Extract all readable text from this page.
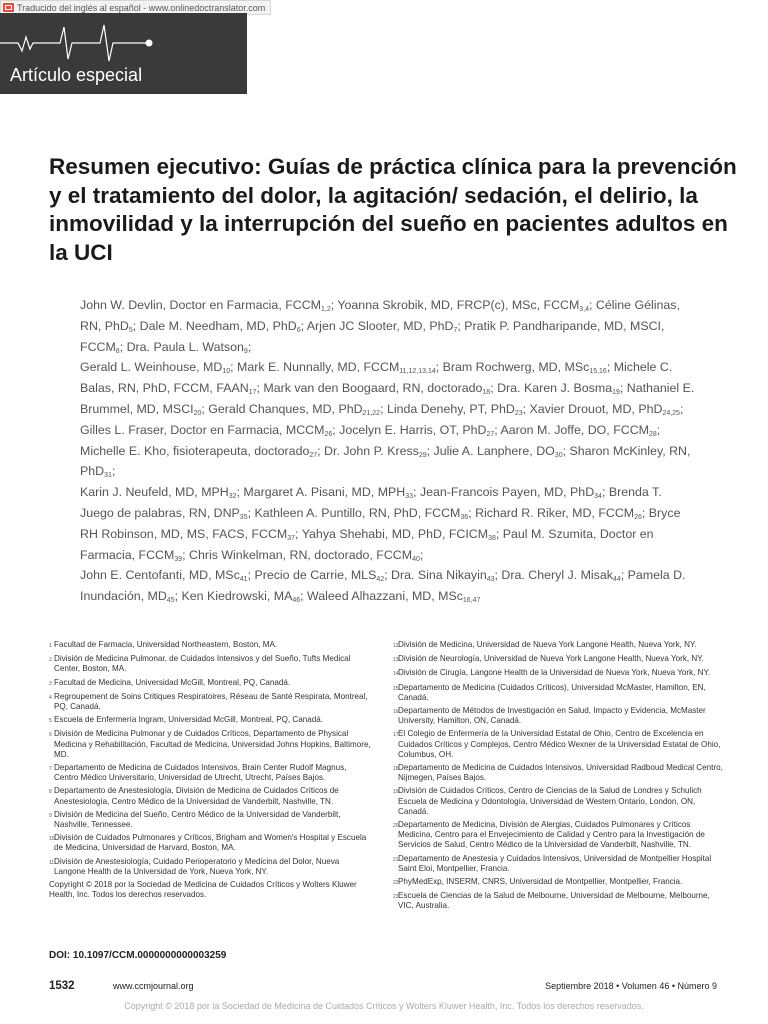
Traducido del inglés al español - www.onlinedoctranslator.com
Artículo especial
Resumen ejecutivo: Guías de práctica clínica para la prevención y el tratamiento del dolor, la agitación/ sedación, el delirio, la inmovilidad y la interrupción del sueño en pacientes adultos en la UCI

John W. Devlin, Doctor en Farmacia, $FCCM_{1,2}$; Yoanna Skrobik, MD, FRCP(c), MSc, $FCCM_{3,4}$; Céline Gélinas, RN, PhD$_5$; Dale M. Needham, MD, PhD$_6$; Arjen JC Slooter, MD, PhD$_7$; Pratik P. Pandharipande, MD, MSCI, $FCCM_8$; Dra. Paula L. Watson$_9$;

Gerald L. Weinhouse, $MD_{10}$; Mark E. Nunnally, MD, $FCCM_{11,12,13,14}$; Bram Rochwerg, MD, MSc$_{15,16}$; Michele C. Balas, RN, PhD, FCCM, $FAAN_{17}$; Mark van den Boogaard, RN, doctorado$_{18}$; Dra. Karen J. Bosma$_{19}$; Nathaniel E. Brummel, MD, $MSCI_{20}$; Gerald Chanques, MD, PhD$_{21,22}$; Linda Denehy, PT, PhD$_{23}$; Xavier Drouot, MD, PhD$_{24,25}$; Gilles L. Fraser, Doctor en Farmacia, $MCCM_{26}$; Jocelyn E. Harris, OT, PhD$_{27}$; Aaron M. Joffe, DO, $FCCM_{28}$; Michelle E. Kho, fisioterapeuta, doctorado$_{27}$; Dr. John P. Kress$_{29}$; Julie A. Lanphere, $DO_{30}$; Sharon McKinley, RN, PhD$_{31}$;

Karin J. Neufeld, MD, $MPH_{32}$; Margaret A. Pisani, MD, $MPH_{33}$; Jean-Francois Payen, MD, PhD$_{34}$; Brenda T. Juego de palabras, RN, $DNP_{35}$; Kathleen A. Puntillo, RN, PhD, $FCCM_{36}$; Richard R. Riker, MD, $FCCM_{26}$; Bryce RH Robinson, MD, MS, FACS, $FCCM_{37}$; Yahya Shehabi, MD, PhD, $FCICM_{38}$; Paul M. Szumita, Doctor en Farmacia, $FCCM_{39}$; Chris Winkelman, RN, doctorado, $FCCM_{40}$;

John E. Centofanti, MD, MSc$_{41}$; Precio de Carrie, $MLS_{42}$; Dra. Sina Nikayin$_{43}$; Dra. Cheryl J. Misak$_{44}$; Pamela D. Inundación, $MD_{45}$; Ken Kiedrowski, $MA_{46}$; Waleed Alhazzani, MD, MSc$_{16,47}$

1 Facultad de Farmacia, Universidad Northeastern, Boston, MA.
2 División de Medicina Pulmonar, de Cuidados Intensivos y del Sueño, Tufts Medical Center, Boston, MA.
3 Facultad de Medicina, Universidad McGill, Montreal, PQ, Canadá.
4 Regroupement de Soins Critiques Respiratoires, Réseau de Santé Respirata, Montreal, PQ, Canadá.
5 Escuela de Enfermería Ingram, Universidad McGill, Montreal, PQ, Canadá.
6 División de Medicina Pulmonar y de Cuidados Críticos, Departamento de Physical Medicina y Rehabilitación, Facultad de Medicina, Universidad Johns Hopkins, Baltimore, MD.
7 Departamento de Medicina de Cuidados Intensivos, Brain Center Rudolf Magnus, Centro Médico Universitario, Universidad de Utrecht, Utrecht, Países Bajos.
8 Departamento de Anestesiología, División de Medicina de Cuidados Críticos de Anestesiología, Centro Médico de la Universidad de Vanderbilt, Nashville, TN.
9 División de Medicina del Sueño, Centro Médico de la Universidad de Vanderbilt, Nashville, Tennessee.
10 División de Cuidados Pulmonares y Críticos, Brigham and Women's Hospital y Escuela de Medicina, Universidad de Harvard, Boston, MA.
11 División de Anestesiología, Cuidado Perioperatorio y Medicina del Dolor, Nueva Langone Health de la Universidad de York, Nueva York, NY.
Copyright © 2018 por la Sociedad de Medicina de Cuidados Críticos y Wolters Kluwer Health, Inc. Todos los derechos reservados.
DOI: 10.1097/CCM.0000000000003259
12 División de Medicina, Universidad de Nueva York Langone Health, Nueva York, NY.
13 División de Neurología, Universidad de Nueva York Langone Health, Nueva York, NY.
14 División de Cirugía, Langone Health de la Universidad de Nueva York, Nueva York, NY.
15 Departamento de Medicina (Cuidados Críticos), Universidad McMaster, Hamilton, EN, Canadá.
16 Departamento de Métodos de Investigación en Salud, Impacto y Evidencia, McMaster University, Hamilton, ON, Canadá.
17 El Colegio de Enfermería de la Universidad Estatal de Ohio, Centro de Excelencia en Cuidados Críticos y Complejos, Centro Médico Wexner de la Universidad Estatal de Ohio, Columbus, OH.
18 Departamento de Medicina de Cuidados Intensivos, Universidad Radboud Medical Centro, Nijmegen, Países Bajos.
19 División de Cuidados Críticos, Centro de Ciencias de la Salud de Londres y Schulich Escuela de Medicina y Odontología, Universidad de Western Ontario, London, ON, Canadá.
20 Departamento de Medicina, División de Alergias, Cuidados Pulmonares y Críticos Medicina, Centro para el Envejecimiento de Calidad y Centro para la Investigación de Servicios de Salud, Centro Médico de la Universidad de Vanderbilt, Nashville, TN.
21 Departamento de Anestesia y Cuidados Intensivos, Universidad de Montpellier Hospital Saint Eloi, Montpellier, Francia.
22 PhyMedExp, INSERM, CNRS, Universidad de Montpellier, Montpellier, Francia.
23 Escuela de Ciencias de la Salud de Melbourne, Universidad de Melbourne, Melbourne, VIC, Australia.
1532	www.ccmjournal.org	Septiembre 2018 • Volumen 46 • Número 9
Copyright © 2018 por la Sociedad de Medicina de Cuidados Críticos y Wolters Kluwer Health, Inc. Todos los derechos reservados.
